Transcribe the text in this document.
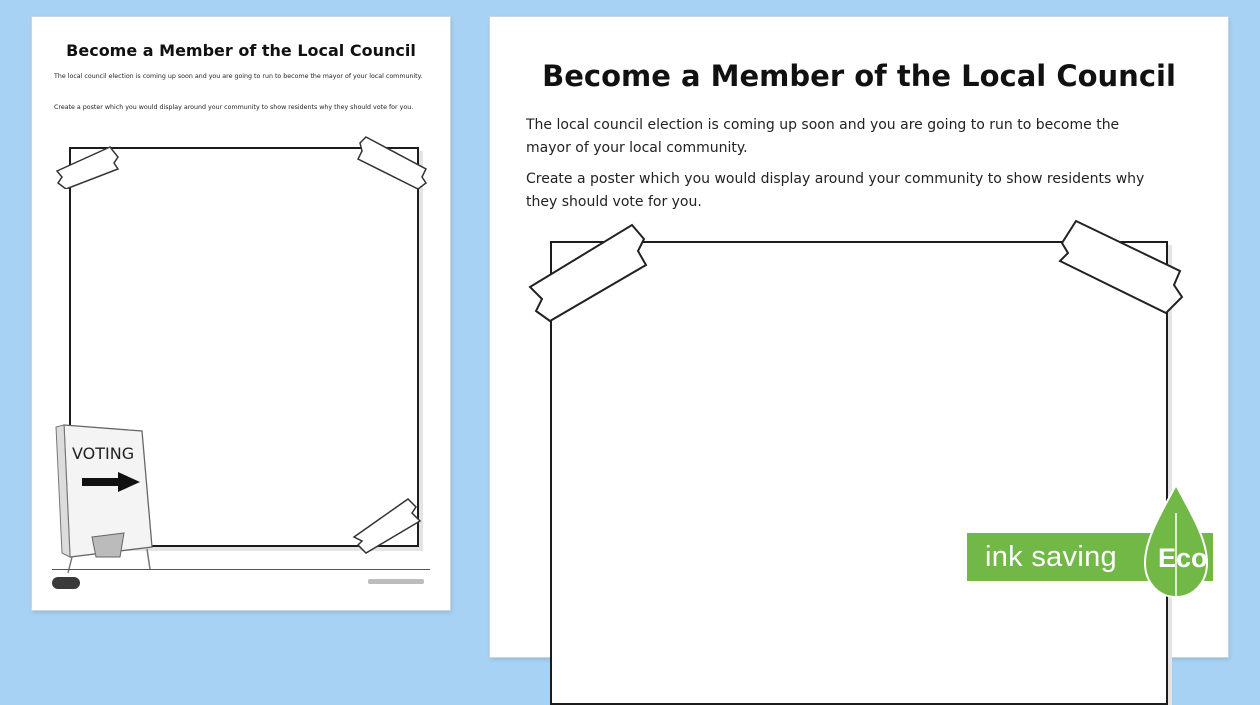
Become a Member of the Local Council

The local council election is coming up soon and you are going to run to become the mayor of your local community.

Create a poster which you would display around your community to show residents why they should vote for you.

VOTING
Become a Member of the Local Council

The local council election is coming up soon and you are going to run to become the mayor of your local community.

Create a poster which you would display around your community to show residents why they should vote for you.

ink saving Eco
